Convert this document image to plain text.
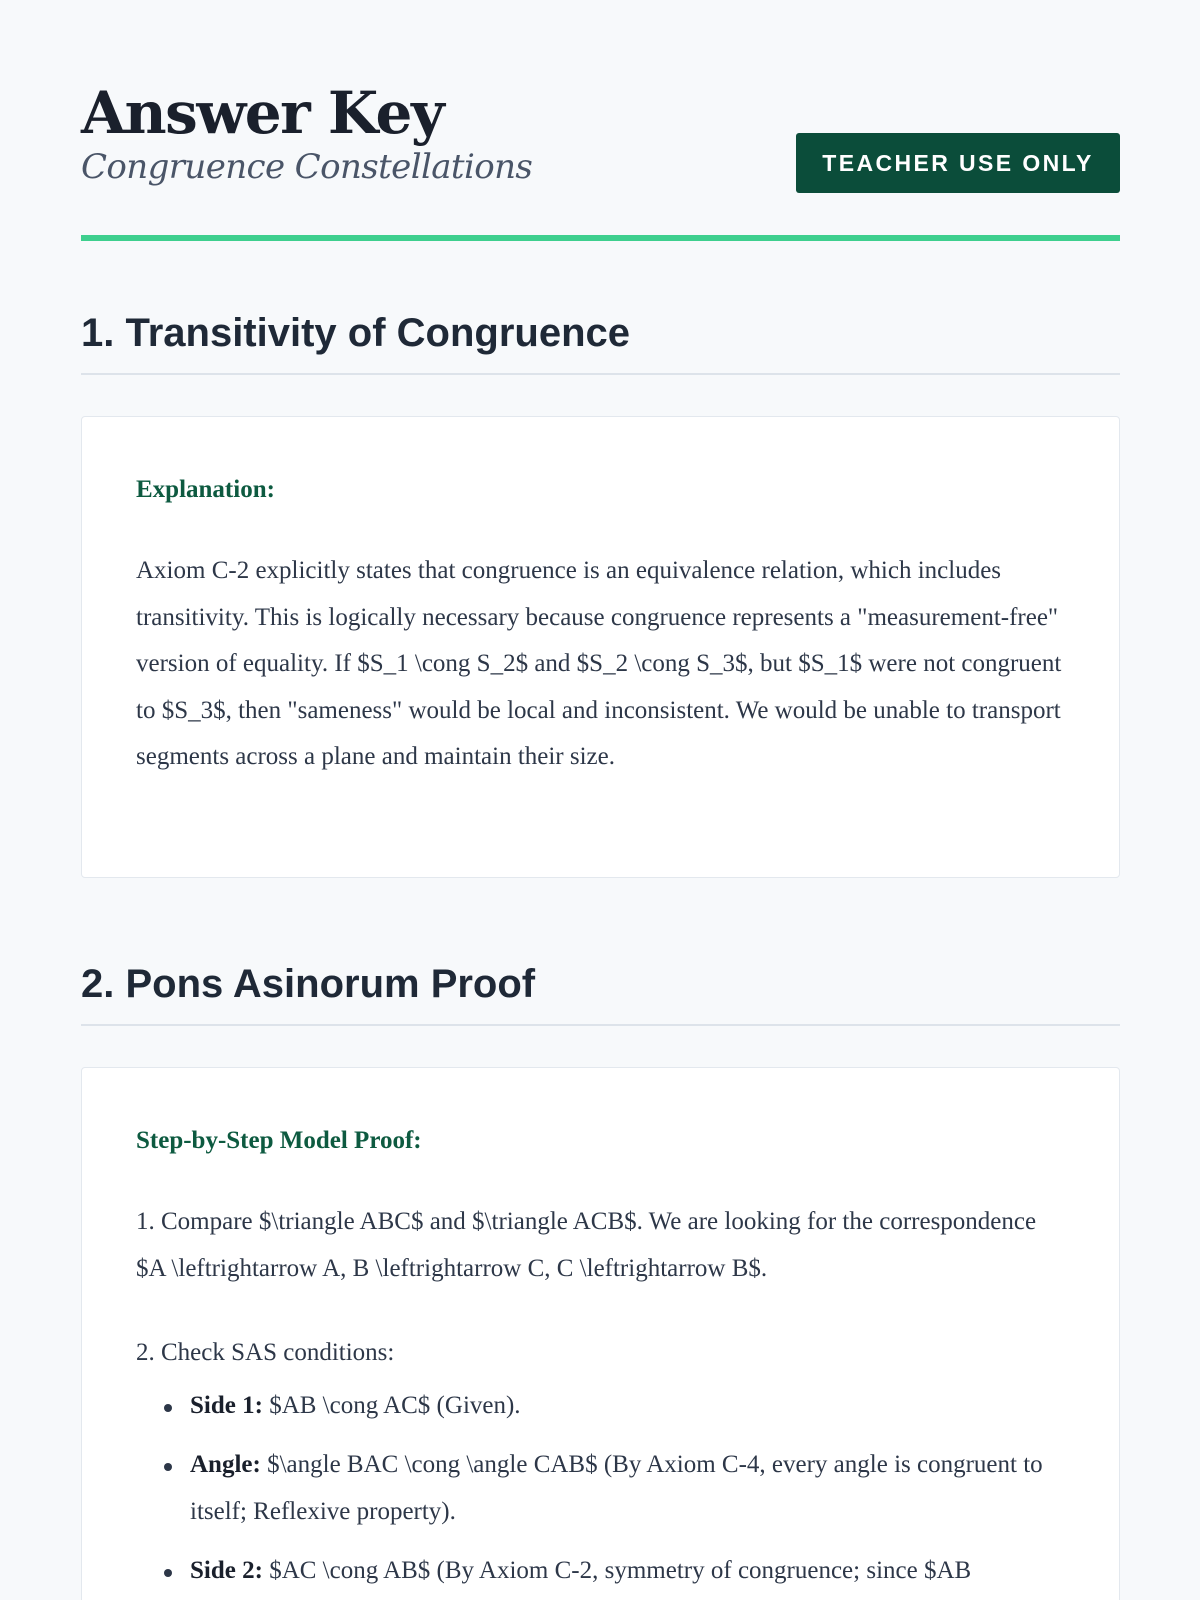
Answer Key
Congruence Constellations	TEACHER USE ONLY
1. Transitivity of Congruence
Explanation:
Axiom C-2 explicitly states that congruence is an equivalence relation, which includes transitivity. This is logically necessary because congruence represents a "measurement-free" version of equality. If $S_1 \cong S_2$ and $S_2 \cong S_3$, but $S_1$ were not congruent to $S_3$, then "sameness" would be local and inconsistent. We would be unable to transport segments across a plane and maintain their size.
2. Pons Asinorum Proof
Step-by-Step Model Proof:
1. Compare $\triangle ABC$ and $\triangle ACB$. We are looking for the correspondence $A \leftrightarrow A, B \leftrightarrow C, C \leftrightarrow B$.
2. Check SAS conditions:
Side 1: $AB \cong AC$ (Given).
Angle: $\angle BAC \cong \angle CAB$ (By Axiom C-4, every angle is congruent to itself; Reflexive property).
Side 2: $AC \cong AB$ (By Axiom C-2, symmetry of congruence; since $AB
